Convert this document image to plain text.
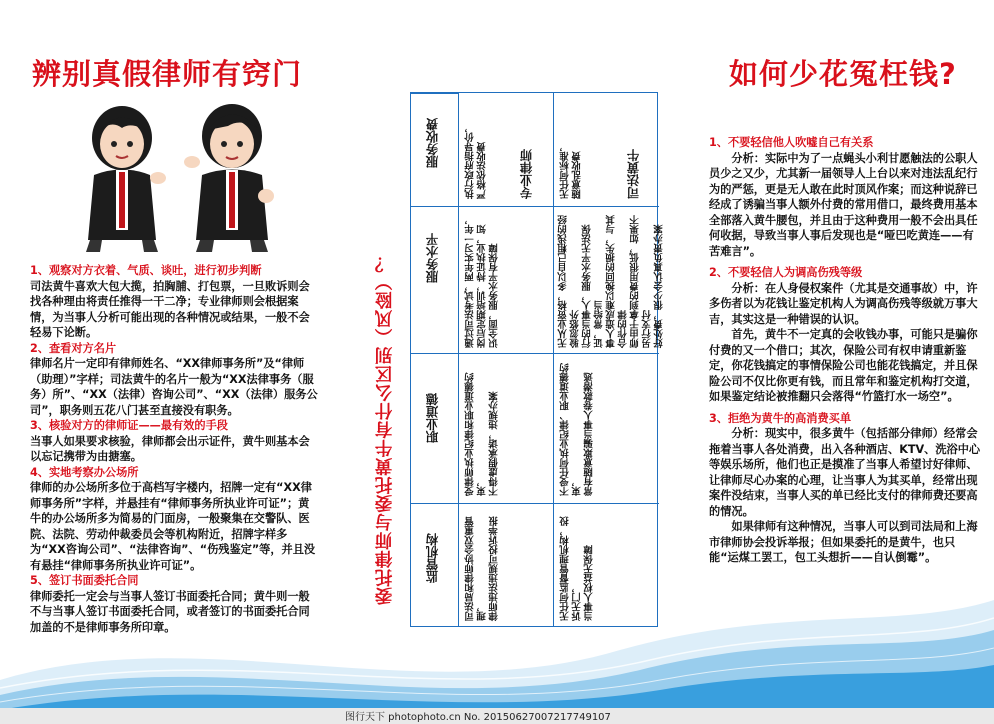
辨别真假律师有窍门
1、观察对方衣着、气质、谈吐，进行初步判断

司法黄牛喜欢大包大揽，拍胸脯、打包票，一旦败诉则会找各种理由将责任推得一干二净；专业律师则会根据案情，为当事人分析可能出现的各种情况或结果，一般不会轻易下论断。

2、查看对方名片

律师名片一定印有律师姓名、“XX律师事务所”及“律师（助理）”字样；司法黄牛的名片一般为“XX法律事务（服务）所”、“XX（法律）咨询公司”、“XX（法律）服务公司”，职务则五花八门甚至直接没有职务。

3、核验对方的律师证——最有效的手段

当事人如果要求核验，律师都会出示证件，黄牛则基本会以忘记携带为由搪塞。

4、实地考察办公场所

律师的办公场所多位于高档写字楼内，招牌一定有“XX律师事务所”字样，并悬挂有“律师事务所执业许可证”；黄牛的办公场所多为简易的门面房，一般聚集在交警队、医院、法院、劳动仲裁委员会等机构附近，招牌字样多为“XX咨询公司”、“法律咨询”、“伤残鉴定”等，并且没有悬挂“律师事务所执业许可证”。

5、签订书面委托合同

律师委托一定会与当事人签订书面委托合同；黄牛则一般不与当事人签订书面委托合同，或者签订的书面委托合同加盖的不是律师事务所印章。

委托律师与委托黄牛有什么区别（风险）？
服务收费
服务水平
职业道德
监管机构
执行政府指导价，
严格依法收费 专业律师
通过司法考试，两年实习一年，
岗后定期培训，持证执业，知
识全面，服务水平有保障
受律师执业纪律和职业道德约束，
不得虚假承诺，违规办案
司法局和律师协会双重管理，
律师违法违规可投诉举报
无任何标准，
随意乱收费	司法黄牛
无从业资格，多以自己粗浅的经验忽悠外
行的当事人，服务水平无法保证，常给当
事人造成难以挽回的损失，与其合作的律
师由于拿到的费用很低，如果不另行支付
好处费，很少会认真负责办案
不受任何执业纪律、职业道德约束，
常有随意欺骗当事人卷款潜逃
无任何监督管理机构，投诉无门，
当事人权益无保障
如何少花冤枉钱?
1、不要轻信他人吹嘘自己有关系

分析：实际中为了一点蝇头小利甘愿触法的公职人员少之又少，尤其新一届领导人上台以来对违法乱纪行为的严惩，更是无人敢在此时顶风作案；而这种说辞已经成了诱骗当事人额外付费的常用借口，最终费用基本全部落入黄牛腰包，并且由于这种费用一般不会出具任何收据，导致当事人事后发现也是“哑巴吃黄连——有苦难言”。

2、不要轻信人为调高伤残等级

分析：在人身侵权案件（尤其是交通事故）中，许多伤者以为花钱让鉴定机构人为调高伤残等级就万事大吉，其实这是一种错误的认识。

首先，黄牛不一定真的会收钱办事，可能只是骗你付费的又一个借口；其次，保险公司有权申请重新鉴定，你花钱搞定的事情保险公司也能花钱搞定，并且保险公司不仅比你更有钱，而且常年和鉴定机构打交道，如果鉴定结论被推翻只会落得“竹篮打水一场空”。

3、拒绝为黄牛的高消费买单

分析：现实中，很多黄牛（包括部分律师）经常会拖着当事人各处消费，出入各种酒店、KTV、洗浴中心等娱乐场所，他们也正是摸准了当事人希望讨好律师、让律师尽心办案的心理，让当事人为其买单，经常出现案件没结束，当事人买的单已经比支付的律师费还要高的情况。

如果律师有这种情况，当事人可以到司法局和上海市律师协会投诉举报；但如果委托的是黄牛，也只能“运煤工罢工，包工头想折——自认倒霉”。

图行天下 photophoto.cn No. 20150627007217749107
